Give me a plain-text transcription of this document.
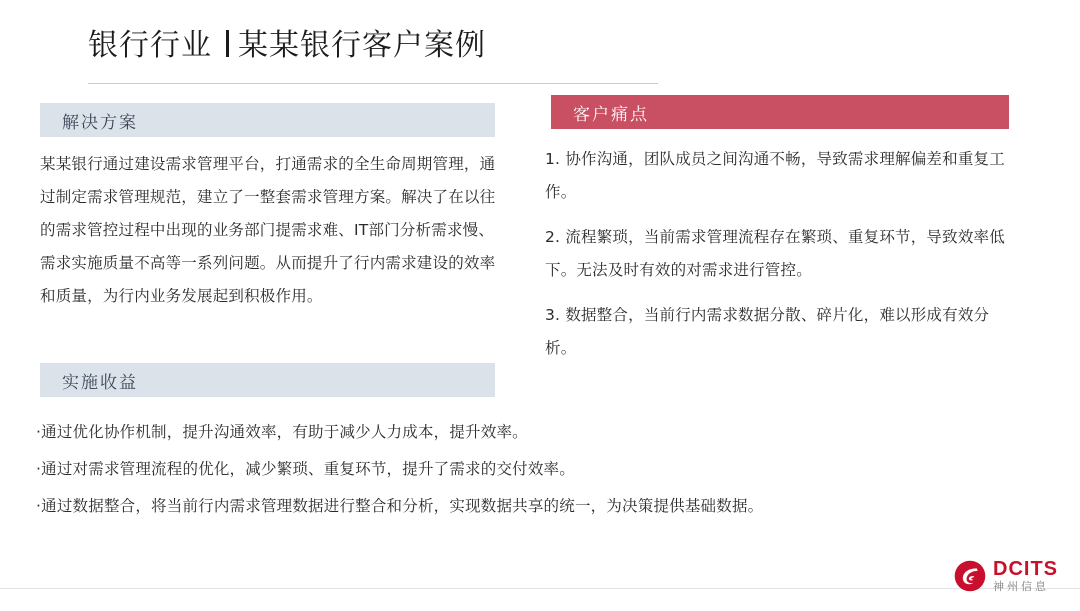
银行行业 某某银行客户案例
解决方案
某某银行通过建设需求管理平台，打通需求的全生命周期管理，通过制定需求管理规范，建立了一整套需求管理方案。解决了在以往的需求管控过程中出现的业务部门提需求难、IT部门分析需求慢、需求实施质量不高等一系列问题。从而提升了行内需求建设的效率和质量，为行内业务发展起到积极作用。
客户痛点
1. 协作沟通，团队成员之间沟通不畅，导致需求理解偏差和重复工作。
2. 流程繁琐，当前需求管理流程存在繁琐、重复环节，导致效率低下。无法及时有效的对需求进行管控。
3. 数据整合，当前行内需求数据分散、碎片化，难以形成有效分析。
实施收益
·通过优化协作机制，提升沟通效率，有助于减少人力成本，提升效率。
·通过对需求管理流程的优化，减少繁琐、重复环节，提升了需求的交付效率。
·通过数据整合，将当前行内需求管理数据进行整合和分析，实现数据共享的统一，为决策提供基础数据。
DCITS
神州信息
